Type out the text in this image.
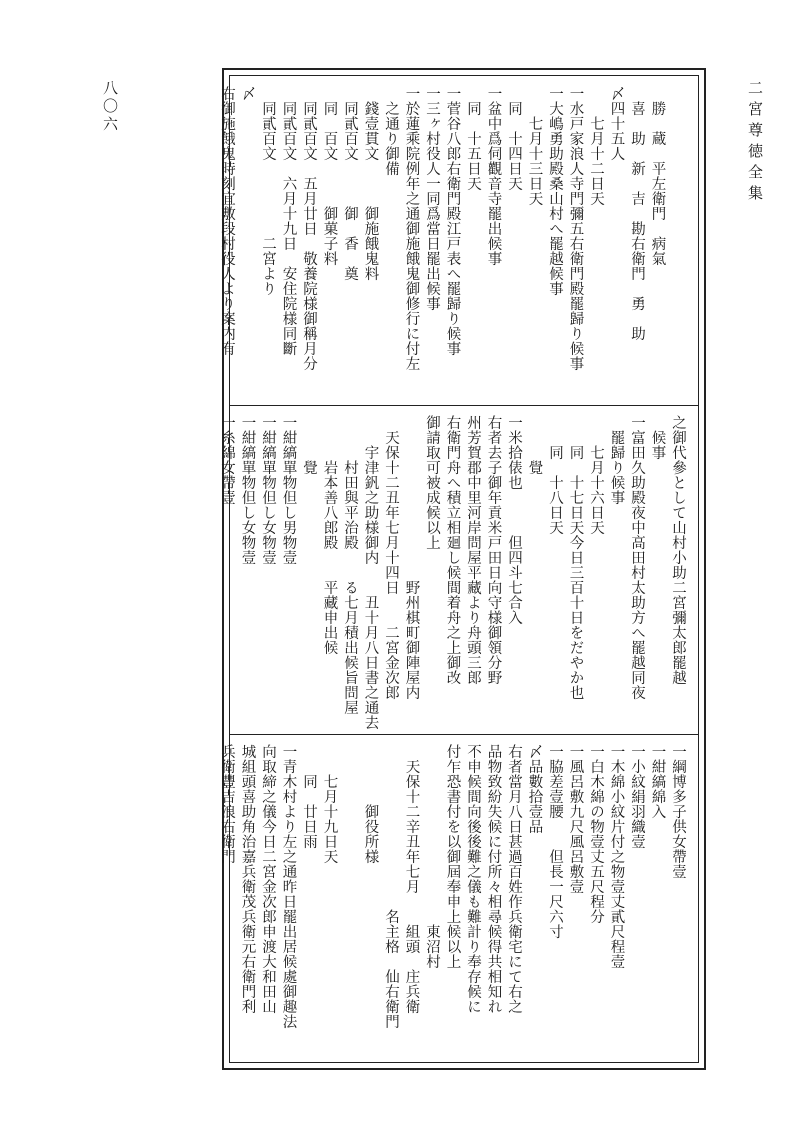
二宮尊徳全集
八〇六	　勝　蔵　平左衛門　病氣
　喜　助　新　吉　勘右衛門　勇　助
〆四十五人
　　七月十二日天
一水戸家浪人寺門彌五右衛門殿罷歸り候事
一大嶋勇助殿桑山村へ罷越候事
　　七月十三日天
　同　十四日天
一盆中爲伺觀音寺罷出候事
　同　十五日天
一菅谷八郎右衛門殿江戸表へ罷歸り候事
一三ヶ村役人一同爲當日罷出候事
一於蓮乘院例年之通御施餓鬼御修行に付左
　之通り御備
　錢壹貫文　　　御施餓鬼料
　同貳百文　　　御　香　奠
　同　百文　　　御菓子料
　同貳百文　五月廿日　敬養院様御稱月分
　同貳百文　六月十九日　安住院様同斷
　同貳百文　　　　　二宮より
〆
右御施餓鬼時刻宜敷段村役人より案内有
之御代參として山村小助二宮彌太郎罷越
　候事
一富田久助殿夜中高田村太助方へ罷越同夜
　罷歸り候事
　　七月十六日天
　　同　十七日天今日三百十日をだやか也
　　同　十八日天
　　　覺
一米拾俵也　　　但四斗七合入
右者去子御年貢米戸田日向守様御領分野
州芳賀郡中里河岸問屋平藏より舟頭三郎
右衛門舟へ積立相廻し候間着舟之上御改
御請取可被成候以上
　　　　　　　　　　　野州棋町御陣屋内
　天保十二丑年七月十四日　　二宮金次郎
　　宇津釩之助様御内　　丑十月八日書之通去
　　　村田與平治殿　　る七月積出候旨問屋
　　　岩本善八郎殿　　平藏申出候
　　　覺
一紺縞單物但し男物壹
一紺縞單物但し女物壹
一紺縞單物但し女物壹
一糸綿女帶壹
一綱博多子供女帶壹
一紺縞綿入
一小紋絹羽織壹
一木綿小紋片付之物壹丈貳尺程壹
一白木綿の物壹丈五尺程分
一風呂敷九尺風呂敷壹
一脇差壹腰　　但長一尺六寸
〆品數拾壹品
右者當月八日甚過百姓作兵衛宅にて右之
品物致紛失候に付所々相尋候得共相知れ
不申候間向後後難之儀も難計り奉存候に
付乍恐書付を以御屆奉申上候以上
　　　　　　　　　　　　東沼村
　天保十二辛丑年七月　　組頭　庄兵衛
　　　　　　　　　　　名主格　仙右衛門
　　　　御役所様

　　七月十九日天
　　同　廿日雨
一青木村より左之通昨日罷出居候處御趣法
向取締之儀今日二宮金次郎申渡大和田山
城組頭喜助角治嘉兵衛茂兵衛元右衛門利
兵衛豐吉浪右衛門
